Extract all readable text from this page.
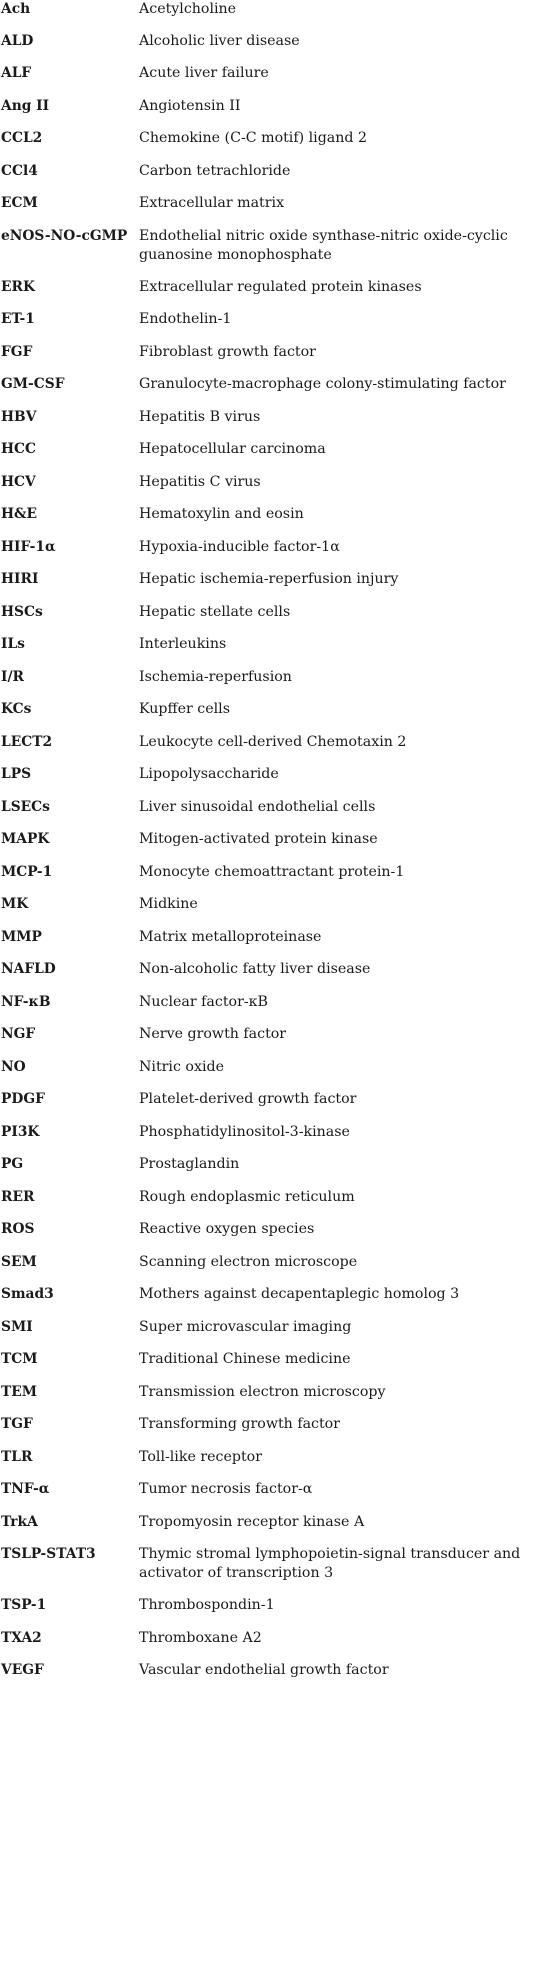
Ach	Acetylcholine
ALD	Alcoholic liver disease
ALF	Acute liver failure
Ang II	Angiotensin II
CCL2	Chemokine (C-C motif) ligand 2
CCl4	Carbon tetrachloride
ECM	Extracellular matrix
eNOS-NO-cGMP	Endothelial nitric oxide synthase-nitric oxide-cyclic guanosine monophosphate
ERK	Extracellular regulated protein kinases
ET-1	Endothelin-1
FGF	Fibroblast growth factor
GM-CSF	Granulocyte-macrophage colony-stimulating factor
HBV	Hepatitis B virus
HCC	Hepatocellular carcinoma
HCV	Hepatitis C virus
H&E	Hematoxylin and eosin
HIF-1α	Hypoxia-inducible factor-1α
HIRI	Hepatic ischemia-reperfusion injury
HSCs	Hepatic stellate cells
ILs	Interleukins
I/R	Ischemia-reperfusion
KCs	Kupffer cells
LECT2	Leukocyte cell-derived Chemotaxin 2
LPS	Lipopolysaccharide
LSECs	Liver sinusoidal endothelial cells
MAPK	Mitogen-activated protein kinase
MCP-1	Monocyte chemoattractant protein-1
MK	Midkine
MMP	Matrix metalloproteinase
NAFLD	Non-alcoholic fatty liver disease
NF-κB	Nuclear factor-κB
NGF	Nerve growth factor
NO	Nitric oxide
PDGF	Platelet-derived growth factor
PI3K	Phosphatidylinositol-3-kinase
PG	Prostaglandin
RER	Rough endoplasmic reticulum
ROS	Reactive oxygen species
SEM	Scanning electron microscope
Smad3	Mothers against decapentaplegic homolog 3
SMI	Super microvascular imaging
TCM	Traditional Chinese medicine
TEM	Transmission electron microscopy
TGF	Transforming growth factor
TLR	Toll-like receptor
TNF-α	Tumor necrosis factor-α
TrkA	Tropomyosin receptor kinase A
TSLP-STAT3	Thymic stromal lymphopoietin-signal transducer and activator of transcription 3
TSP-1	Thrombospondin-1
TXA2	Thromboxane A2
VEGF	Vascular endothelial growth factor
